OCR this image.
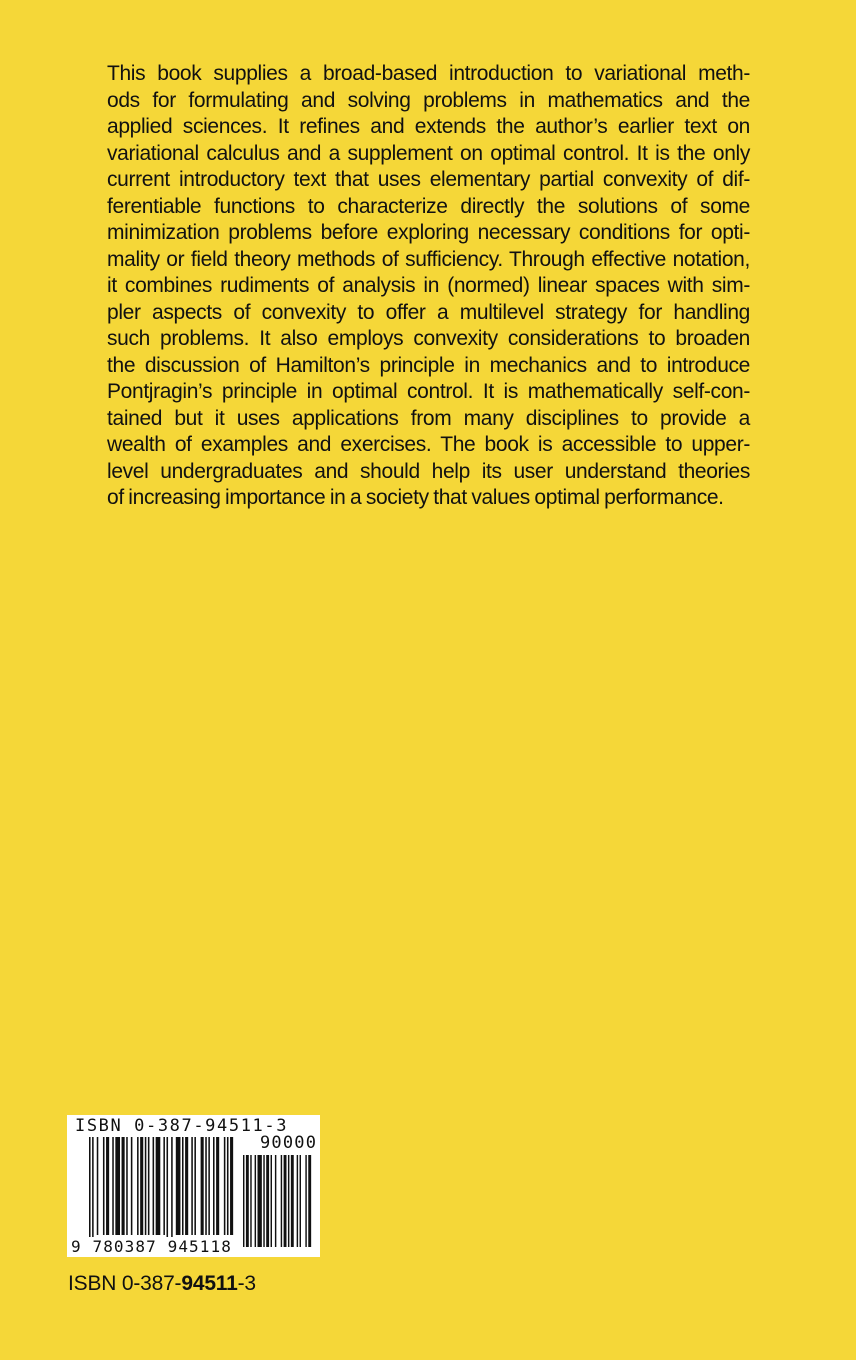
This book supplies a broad-based introduction to variational meth-
ods for formulating and solving problems in mathematics and the
applied sciences. It refines and extends the author’s earlier text on
variational calculus and a supplement on optimal control. It is the only
current introductory text that uses elementary partial convexity of dif-
ferentiable functions to characterize directly the solutions of some
minimization problems before exploring necessary conditions for opti-
mality or field theory methods of sufficiency. Through effective notation,
it combines rudiments of analysis in (normed) linear spaces with sim-
pler aspects of convexity to offer a multilevel strategy for handling
such problems. It also employs convexity considerations to broaden
the discussion of Hamilton’s principle in mechanics and to introduce
Pontjragin’s principle in optimal control. It is mathematically self-con-
tained but it uses applications from many disciplines to provide a
wealth of examples and exercises. The book is accessible to upper-
level undergraduates and should help its user understand theories
of increasing importance in a society that values optimal performance.
ISBN 0-387-94511-3
90000
9 780387 945118
ISBN 0-387-94511-3
